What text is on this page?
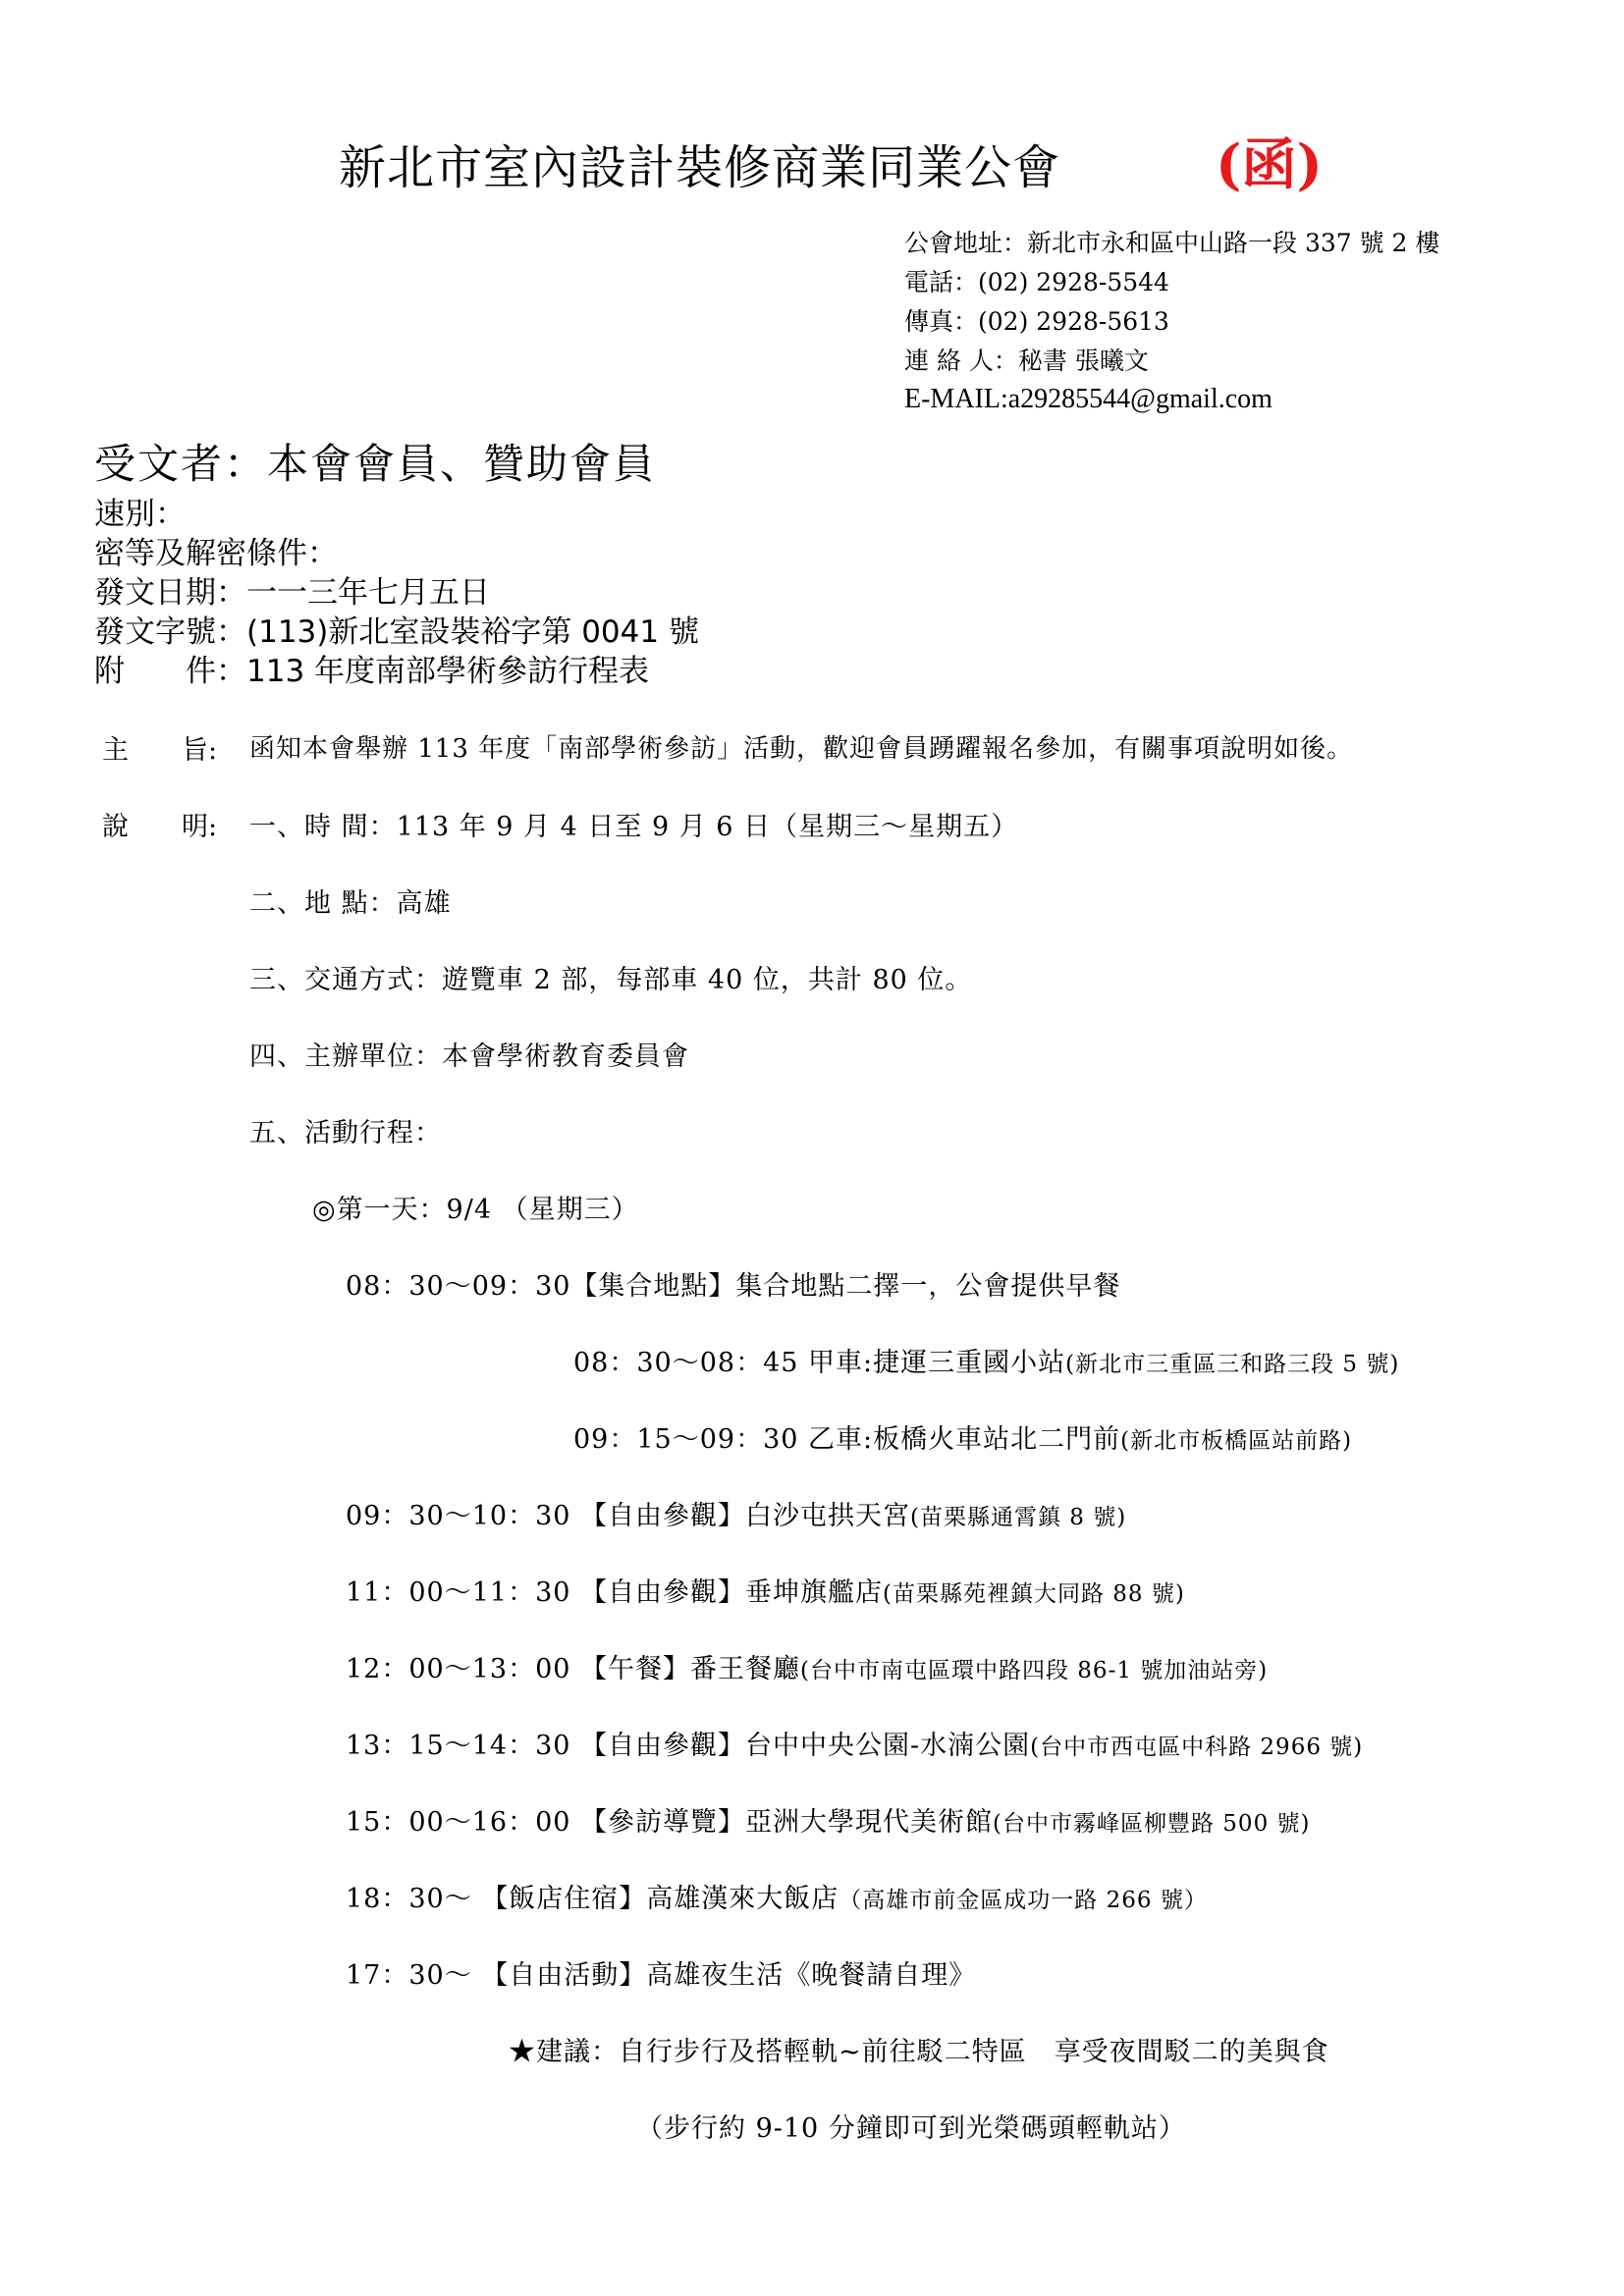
新北市室內設計裝修商業同業公會	(函)
公會地址：新北市永和區中山路一段 337 號 2 樓
電話：(02) 2928-5544
傳真：(02) 2928-5613
連 絡 人：秘書 張曦文
E-MAIL:a29285544@gmail.com
受文者：本會會員、贊助會員
速別：
密等及解密條件：
發文日期：一一三年七月五日
發文字號：(113)新北室設裝裕字第 0041 號
附　　件：113 年度南部學術參訪行程表
主　　旨: 函知本會舉辦 113 年度「南部學術參訪」活動，歡迎會員踴躍報名參加，有關事項說明如後。
說　　明: 一、時 間：113 年 9 月 4 日至 9 月 6 日（星期三～星期五）
二、地 點：高雄
三、交通方式：遊覽車 2 部，每部車 40 位，共計 80 位。
四、主辦單位：本會學術教育委員會
五、活動行程：
◎第一天：9/4 （星期三）
08：30～09：30【集合地點】集合地點二擇一，公會提供早餐
08：30～08：45 甲車:捷運三重國小站(新北市三重區三和路三段 5 號)
09：15～09：30 乙車:板橋火車站北二門前(新北市板橋區站前路)
09：30～10：30 【自由參觀】白沙屯拱天宮(苗栗縣通霄鎮 8 號)
11：00～11：30 【自由參觀】垂坤旗艦店(苗栗縣苑裡鎮大同路 88 號)
12：00～13：00 【午餐】番王餐廳(台中市南屯區環中路四段 86-1 號加油站旁)
13：15～14：30 【自由參觀】台中中央公園-水湳公園(台中市西屯區中科路 2966 號)
15：00～16：00 【參訪導覽】亞洲大學現代美術館(台中市霧峰區柳豐路 500 號)
18：30～ 【飯店住宿】高雄漢來大飯店（高雄市前金區成功一路 266 號）
17：30～ 【自由活動】高雄夜生活《晚餐請自理》
★建議：自行步行及搭輕軌~前往駁二特區　享受夜間駁二的美與食
（步行約 9-10 分鐘即可到光榮碼頭輕軌站）
